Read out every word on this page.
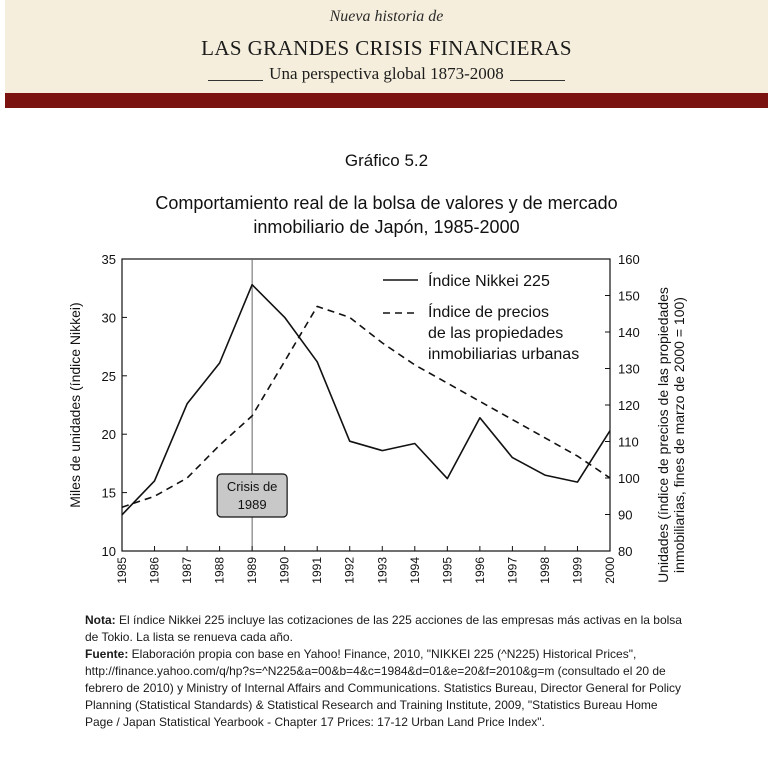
Nueva historia de
LAS GRANDES CRISIS FINANCIERAS
Una perspectiva global 1873-2008
Gráfico 5.2
Comportamiento real de la bolsa de valores y de mercado
inmobiliario de Japón, 1985-2000
10
15
20
25
30
35
80
90
100
110
120
130
140
150
160
1985 1986 1987 1988 1989 1990 1991 1992 1993 1994 1995 1996 1997 1998 1999 2000
Miles de unidades (índice Nikkei)	Unidades (índice de precios de las propiedades inmobiliarias, fines de marzo de 2000 = 100)
Índice Nikkei 225
Índice de precios
de las propiedades
inmobiliarias urbanas
Crisis de
1989

Nota: El índice Nikkei 225 incluye las cotizaciones de las 225 acciones de las empresas más activas en la bolsa de Tokio. La lista se renueva cada año.

Fuente: Elaboración propia con base en Yahoo! Finance, 2010, "NIKKEI 225 (^N225) Historical Prices", http://finance.yahoo.com/q/hp?s=^N225&a=00&b=4&c=1984&d=01&e=20&f=2010&g=m (consultado el 20 de febrero de 2010) y Ministry of Internal Affairs and Communications. Statistics Bureau, Director General for Policy Planning (Statistical Standards) & Statistical Research and Training Institute, 2009, "Statistics Bureau Home Page / Japan Statistical Yearbook - Chapter 17 Prices: 17-12 Urban Land Price Index".
